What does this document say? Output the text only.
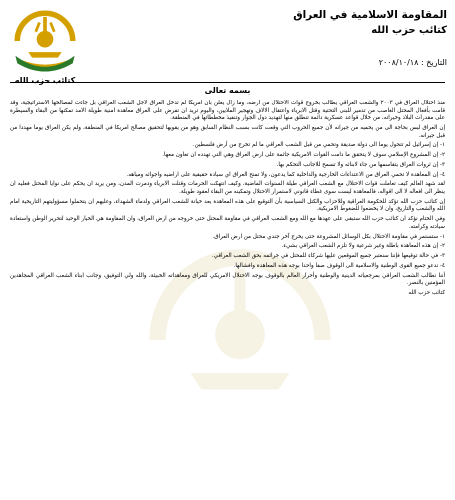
المقاومة الاسلامية في العراق
كتائب حزب الله
التاريخ : ٢٠٠٨/١٠/١٨
كتائب حزب الله
بسمه تعالى

منذ احتلال العراق في ٢٠٠٣ والشعب العراقي يطالب بخروج قوات الاحتلال من ارضه، وما زال يعلن بأن امريكا لم تدخل العراق لاجل الشعب العراقي بل جاءت لمصالحها الاستراتيجية، وقد قامت بأفعال المحتل الغاصب من تدمير للبنى التحتية وقتل الابرياء واعتقال الالاف وتهجير الملايين، واليوم تريد ان تفرض على العراق معاهدة امنية طويلة الامد تمكنها من البقاء والسيطرة على مقدرات البلاد وخيراته، من خلال قواعد عسكرية دائمة تنطلق منها لتهديد دول الجوار وتنفيذ مخططاتها في المنطقة.

إن العراق ليس بحاجة الى من يحميه من جيرانه لأن جميع الحروب التي وقعت كانت بسبب النظام السابق وهو من يقويها لتحقيق مصالح امريكا في المنطقة، ولم يكن العراق يوما مهددا من قبل جيرانه.

١- إن إسرائيل لم تتحول يوما الى دولة صديقة وتحمي من قبل الشعب العراقي ما لم تخرج من أرض فلسطين.

٢- إن المشروع الإسلامي سوف لا يتحقق ما دامت القوات الامريكية جاثمة على ارض العراق وهي التي تهدده ان تعاون معها.

٣- إن ثروات العراق يتقاسمها من جاء لابنائه ولا تسمح للاجانب التحكم بها.

٤- إن المعاهدة لا تحمي العراق من الاعتداءات الخارجية والداخلية كما يدعون، ولا تمنح العراق اي سيادة حقيقية على اراضيه واجوائه ومياهه.

لقد شهد العالم كيف تعاملت قوات الاحتلال مع الشعب العراقي طيلة السنوات الماضية، وكيف انتهكت الحرمات وقتلت الابرياء ودمرت المدن، ومن يريد ان يحكم على نوايا المحتل فعليه ان ينظر الى افعاله لا الى اقواله، فالمعاهدة ليست سوى غطاء قانوني لاستمرار الاحتلال وتمكينه من البقاء لعقود طويلة.

إن كتائب حزب الله تؤكد للحكومة العراقية وللاحزاب والكتل السياسية بأن التوقيع على هذه المعاهدة يعد خيانة للشعب العراقي ولدماء الشهداء، وعليهم ان يتحملوا مسؤوليتهم التاريخية امام الله والشعب والتاريخ، وان لا يخضعوا للضغوط الامريكية.

وفي الختام نؤكد ان كتائب حزب الله ستبقى على عهدها مع الله ومع الشعب العراقي في مقاومة المحتل حتى خروجه من ارض العراق، وان المقاومة هي الخيار الوحيد لتحرير الوطن واستعادة سيادته وكرامته.

١- ستستمر في مقاومة الاحتلال بكل الوسائل المشروعة حتى يخرج آخر جندي محتل من ارض العراق.

٢- إن هذه المعاهدة باطلة وغير شرعية ولا تلزم الشعب العراقي بشيء.

٣- في حالة توقيعها فإننا سنعتبر جميع الموقعين عليها شركاء للمحتل في جرائمه بحق الشعب العراقي.

٤- ندعو جميع القوى الوطنية والاسلامية الى الوقوف صفا واحدا بوجه هذه المعاهدة وافشالها.

أننا نطالب الشعب العراقي بمرجعياته الدينية والوطنية وأحرار العالم بالوقوف بوجه الاحتلال الامريكي للعراق ومعاهداته الخبيثة، والله ولي التوفيق، وجانب ابناء الشعب العراقي المجاهدين المؤمنين بالنصر.

كتائب حزب الله
